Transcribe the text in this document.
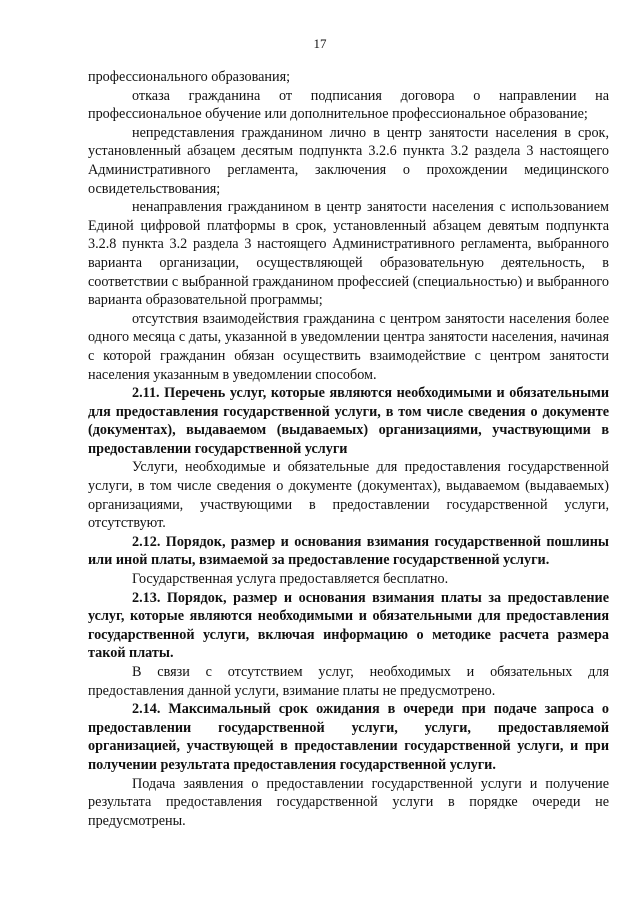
17

профессионального образования;

отказа гражданина от подписания договора о направлении на профессиональное обучение или дополнительное профессиональное образование;

непредставления гражданином лично в центр занятости населения в срок, установленный абзацем десятым подпункта 3.2.6 пункта 3.2 раздела 3 настоящего Административного регламента, заключения о прохождении медицинского освидетельствования;

ненаправления гражданином в центр занятости населения с использованием Единой цифровой платформы в срок, установленный абзацем девятым подпункта 3.2.8 пункта 3.2 раздела 3 настоящего Административного регламента, выбранного варианта организации, осуществляющей образовательную деятельность, в соответствии с выбранной гражданином профессией (специальностью) и выбранного варианта образовательной программы;

отсутствия взаимодействия гражданина с центром занятости населения более одного месяца с даты, указанной в уведомлении центра занятости населения, начиная с которой гражданин обязан осуществить взаимодействие с центром занятости населения указанным в уведомлении способом.

2.11. Перечень услуг, которые являются необходимыми и обязательными для предоставления государственной услуги, в том числе сведения о документе (документах), выдаваемом (выдаваемых) организациями, участвующими в предоставлении государственной услуги

Услуги, необходимые и обязательные для предоставления государственной услуги, в том числе сведения о документе (документах), выдаваемом (выдаваемых) организациями, участвующими в предоставлении государственной услуги, отсутствуют.

2.12. Порядок, размер и основания взимания государственной пошлины или иной платы, взимаемой за предоставление государственной услуги.

Государственная услуга предоставляется бесплатно.

2.13. Порядок, размер и основания взимания платы за предоставление услуг, которые являются необходимыми и обязательными для предоставления государственной услуги, включая информацию о методике расчета размера такой платы.

В связи с отсутствием услуг, необходимых и обязательных для предоставления данной услуги, взимание платы не предусмотрено.

2.14. Максимальный срок ожидания в очереди при подаче запроса о предоставлении государственной услуги, услуги, предоставляемой организацией, участвующей в предоставлении государственной услуги, и при получении результата предоставления государственной услуги.

Подача заявления о предоставлении государственной услуги и получение результата предоставления государственной услуги в порядке очереди не предусмотрены.
